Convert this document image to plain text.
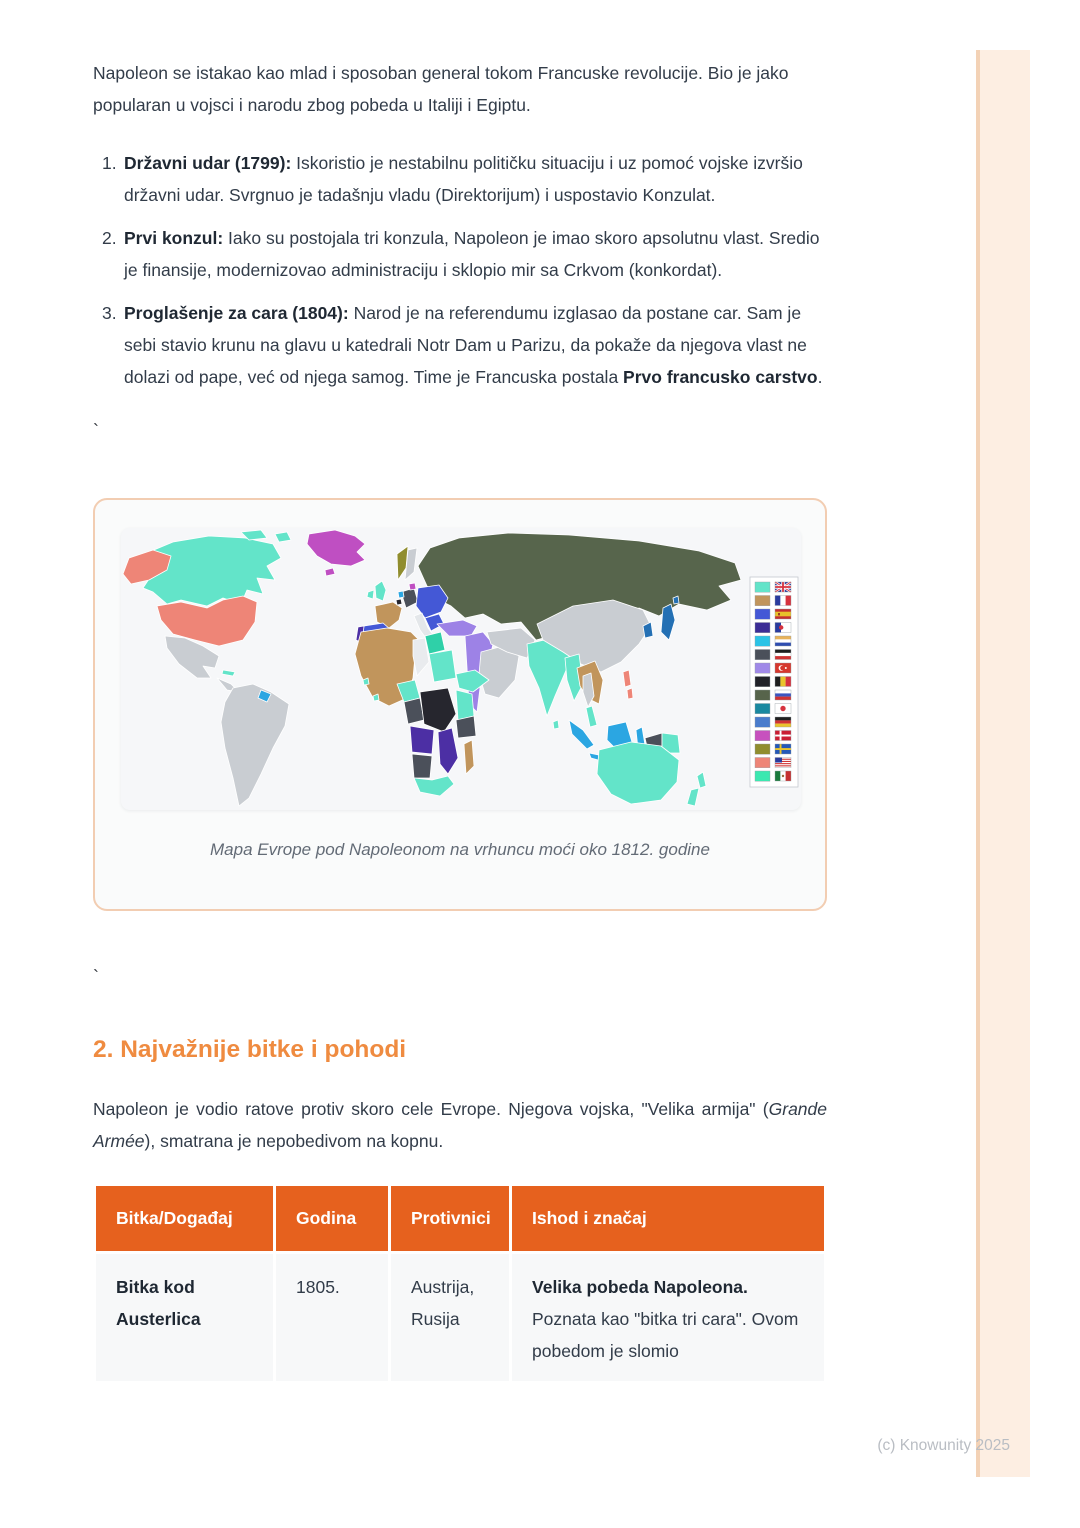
Napoleon se istakao kao mlad i sposoban general tokom Francuske revolucije. Bio je jako popularan u vojsci i narodu zbog pobeda u Italiji i Egiptu.

1. Državni udar (1799): Iskoristio je nestabilnu političku situaciju i uz pomoć vojske izvršio državni udar. Svrgnuo je tadašnju vladu (Direktorijum) i uspostavio Konzulat.
2. Prvi konzul: Iako su postojala tri konzula, Napoleon je imao skoro apsolutnu vlast. Sredio je finansije, modernizovao administraciju i sklopio mir sa Crkvom (konkordat).
3. Proglašenje za cara (1804): Narod je na referendumu izglasao da postane car. Sam je sebi stavio krunu na glavu u katedrali Notr Dam u Parizu, da pokaže da njegova vlast ne dolazi od pape, već od njega samog. Time je Francuska postala Prvo francusko carstvo.
`
Mapa Evrope pod Napoleonom na vrhuncu moći oko 1812. godine
`
2. Najvažnije bitke i pohodi

Napoleon je vodio ratove protiv skoro cele Evrope. Njegova vojska, "Velika armija" (Grande Armée), smatrana je nepobedivom na kopnu.

Bitka/Događaj	Godina	Protivnici	Ishod i značaj
Bitka kod Austerlica	1805.	Austrija, Rusija	Velika pobeda Napoleona. Poznata kao "bitka tri cara". Ovom pobedom je slomio
(c) Knowunity 2025
